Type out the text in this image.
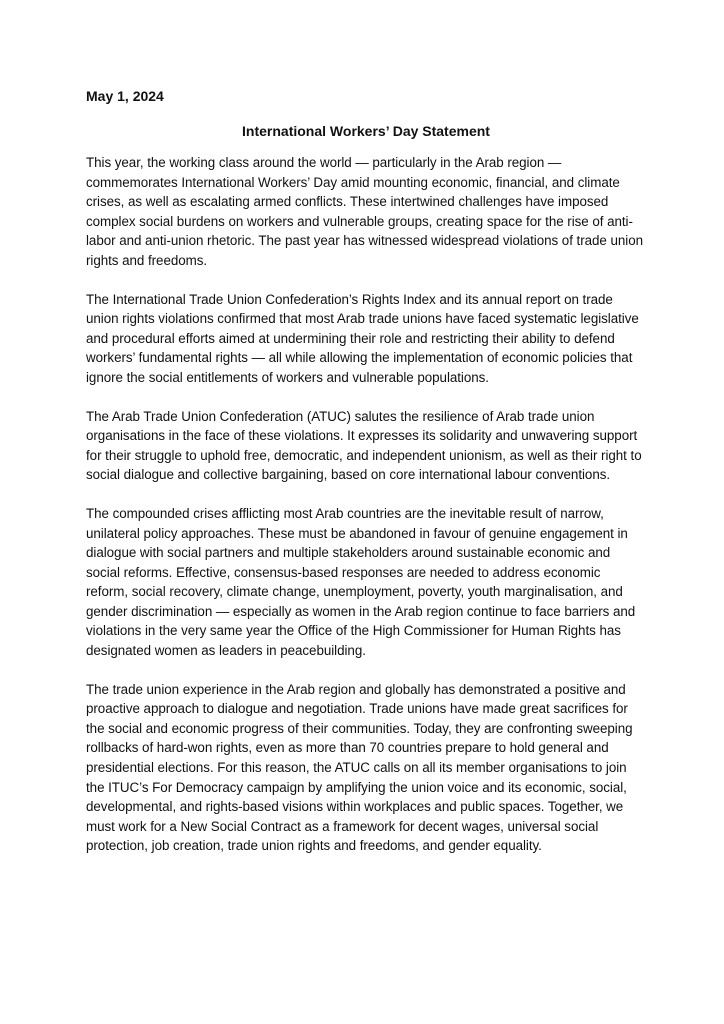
May 1, 2024

International Workers’ Day Statement

This year, the working class around the world — particularly in the Arab region — commemorates International Workers’ Day amid mounting economic, financial, and climate crises, as well as escalating armed conflicts. These intertwined challenges have imposed complex social burdens on workers and vulnerable groups, creating space for the rise of anti-labor and anti-union rhetoric. The past year has witnessed widespread violations of trade union rights and freedoms.

The International Trade Union Confederation’s Rights Index and its annual report on trade union rights violations confirmed that most Arab trade unions have faced systematic legislative and procedural efforts aimed at undermining their role and restricting their ability to defend workers’ fundamental rights — all while allowing the implementation of economic policies that ignore the social entitlements of workers and vulnerable populations.

The Arab Trade Union Confederation (ATUC) salutes the resilience of Arab trade union organisations in the face of these violations. It expresses its solidarity and unwavering support for their struggle to uphold free, democratic, and independent unionism, as well as their right to social dialogue and collective bargaining, based on core international labour conventions.

The compounded crises afflicting most Arab countries are the inevitable result of narrow, unilateral policy approaches. These must be abandoned in favour of genuine engagement in dialogue with social partners and multiple stakeholders around sustainable economic and social reforms. Effective, consensus-based responses are needed to address economic reform, social recovery, climate change, unemployment, poverty, youth marginalisation, and gender discrimination — especially as women in the Arab region continue to face barriers and violations in the very same year the Office of the High Commissioner for Human Rights has designated women as leaders in peacebuilding.

The trade union experience in the Arab region and globally has demonstrated a positive and proactive approach to dialogue and negotiation. Trade unions have made great sacrifices for the social and economic progress of their communities. Today, they are confronting sweeping rollbacks of hard-won rights, even as more than 70 countries prepare to hold general and presidential elections. For this reason, the ATUC calls on all its member organisations to join the ITUC’s For Democracy campaign by amplifying the union voice and its economic, social, developmental, and rights-based visions within workplaces and public spaces. Together, we must work for a New Social Contract as a framework for decent wages, universal social protection, job creation, trade union rights and freedoms, and gender equality.
